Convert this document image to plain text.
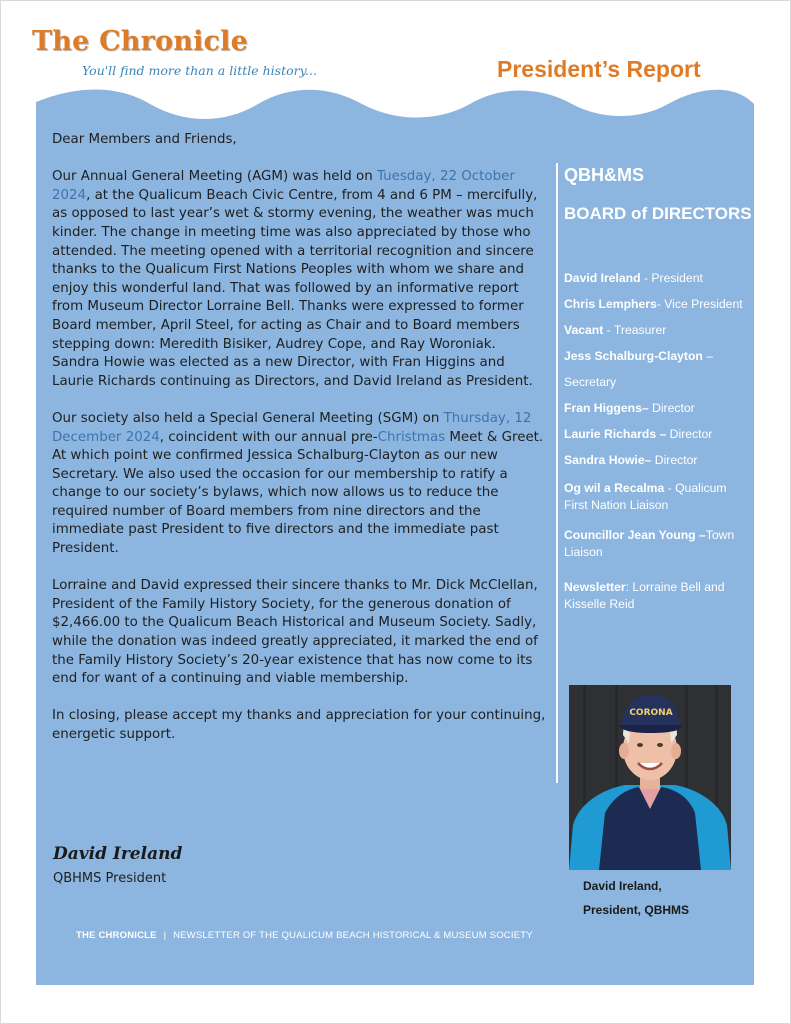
The Chronicle
You'll find more than a little history...	President’s Report

Dear Members and Friends,

Our Annual General Meeting (AGM) was held on Tuesday, 22 October 2024, at the Qualicum Beach Civic Centre, from 4 and 6 PM – mercifully, as opposed to last year’s wet & stormy evening, the weather was much kinder. The change in meeting time was also appreciated by those who attended. The meeting opened with a territorial recognition and sincere thanks to the Qualicum First Nations Peoples with whom we share and enjoy this wonderful land. That was followed by an informative report from Museum Director Lorraine Bell. Thanks were expressed to former Board member, April Steel, for acting as Chair and to Board members stepping down: Meredith Bisiker, Audrey Cope, and Ray Woroniak. Sandra Howie was elected as a new Director, with Fran Higgins and Laurie Richards continuing as Directors, and David Ireland as President.

Our society also held a Special General Meeting (SGM) on Thursday, 12 December 2024, coincident with our annual pre-Christmas Meet & Greet. At which point we confirmed Jessica Schalburg-Clayton as our new Secretary. We also used the occasion for our membership to ratify a change to our society’s bylaws, which now allows us to reduce the required number of Board members from nine directors and the immediate past President to five directors and the immediate past President.

Lorraine and David expressed their sincere thanks to Mr. Dick McClellan, President of the Family History Society, for the generous donation of $2,466.00 to the Qualicum Beach Historical and Museum Society. Sadly, while the donation was indeed greatly appreciated, it marked the end of the Family History Society’s 20-year existence that has now come to its end for want of a continuing and viable membership.

In closing, please accept my thanks and appreciation for your continuing, energetic support.

David Ireland
QBHMS President
QBH&MS
BOARD of DIRECTORS
David Ireland - President
Chris Lemphers- Vice President
Vacant - Treasurer
Jess Schalburg-Clayton – Secretary
Fran Higgens– Director
Laurie Richards – Director
Sandra Howie– Director
Og wil a Recalma - Qualicum First Nation Liaison
Councillor Jean Young –Town Liaison
Newsletter: Lorraine Bell and Kisselle Reid
CORONA
David Ireland,
President, QBHMS
THE CHRONICLE | NEWSLETTER OF THE QUALICUM BEACH HISTORICAL & MUSEUM SOCIETY
